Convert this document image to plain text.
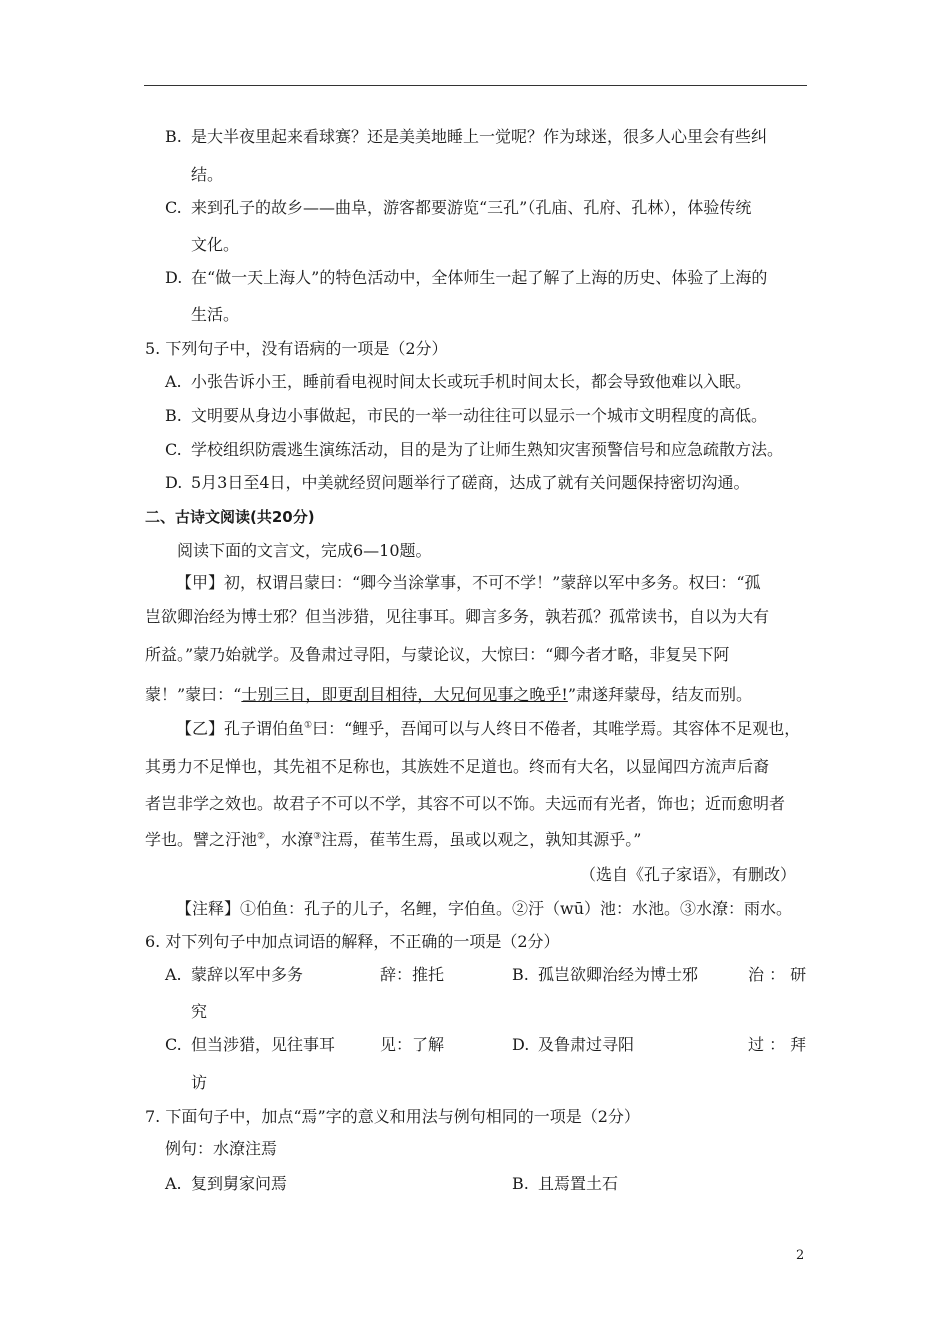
B. 是大半夜里起来看球赛？还是美美地睡上一觉呢？作为球迷，很多人心里会有些纠
结。
C. 来到孔子的故乡——曲阜，游客都要游览“三孔”（孔庙、孔府、孔林），体验传统
文化。
D. 在“做一天上海人”的特色活动中，全体师生一起了解了上海的历史、体验了上海的
生活。
5. 下列句子中，没有语病的一项是（2分）
A. 小张告诉小王，睡前看电视时间太长或玩手机时间太长，都会导致他难以入眠。
B. 文明要从身边小事做起，市民的一举一动往往可以显示一个城市文明程度的高低。
C. 学校组织防震逃生演练活动，目的是为了让师生熟知灾害预警信号和应急疏散方法。
D. 5月3日至4日，中美就经贸问题举行了磋商，达成了就有关问题保持密切沟通。
二、古诗文阅读(共20分)
阅读下面的文言文，完成6—10题。
【甲】初，权谓吕蒙曰：“卿今当涂掌事，不可不学！”蒙辞以军中多务。权曰：“孤
岂欲卿治经为博士邪？但当涉猎，见往事耳。卿言多务，孰若孤？孤常读书，自以为大有
所益。”蒙乃始就学。及鲁肃过寻阳，与蒙论议，大惊曰：“卿今者才略，非复吴下阿
蒙！”蒙曰：“士别三日，即更刮目相待，大兄何见事之晚乎!”肃遂拜蒙母，结友而别。
【乙】孔子谓伯鱼①曰：“鲤乎，吾闻可以与人终日不倦者，其唯学焉。其容体不足观也，
其勇力不足惮也，其先祖不足称也，其族姓不足道也。终而有大名，以显闻四方流声后裔
者岂非学之效也。故君子不可以不学，其容不可以不饰。夫远而有光者，饰也；近而愈明者
学也。譬之汙池②，水潦③注焉，萑苇生焉，虽或以观之，孰知其源乎。”
（选自《孔子家语》，有删改）
【注释】①伯鱼：孔子的儿子，名鲤，字伯鱼。②汙（wū）池：水池。③水潦：雨水。
6. 对下列句子中加点词语的解释，不正确的一项是（2分）
A. 蒙辞以军中多务	辞：推托	B. 孤岂欲卿治经为博士邪	治 ： 研
究
C. 但当涉猎，见往事耳	见：了解	D. 及鲁肃过寻阳	过 ： 拜
访
7. 下面句子中，加点“焉”字的意义和用法与例句相同的一项是（2分）
例句：水潦注焉
A. 复到舅家问焉	B. 且焉置土石
2
